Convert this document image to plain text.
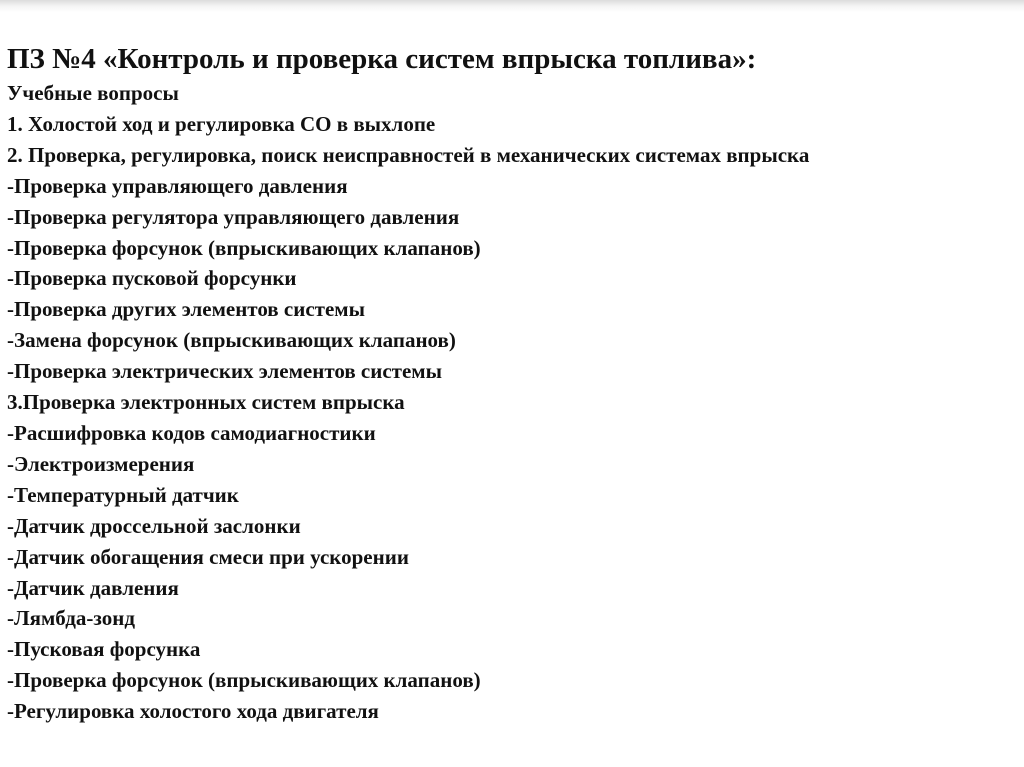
ПЗ №4 «Контроль и проверка систем впрыска топлива»:
Учебные вопросы
1. Холостой ход и регулировка СО в выхлопе
2. Проверка, регулировка, поиск неисправностей в механических системах впрыска
-Проверка управляющего давления
-Проверка регулятора управляющего давления
-Проверка форсунок (впрыскивающих клапанов)
-Проверка пусковой форсунки
-Проверка других элементов системы
-Замена форсунок (впрыскивающих клапанов)
-Проверка электрических элементов системы
3.Проверка электронных систем впрыска
-Расшифровка кодов самодиагностики
-Электроизмерения
-Температурный датчик
-Датчик дроссельной заслонки
-Датчик обогащения смеси при ускорении
-Датчик давления
-Лямбда-зонд
-Пусковая форсунка
-Проверка форсунок (впрыскивающих клапанов)
-Регулировка холостого хода двигателя
